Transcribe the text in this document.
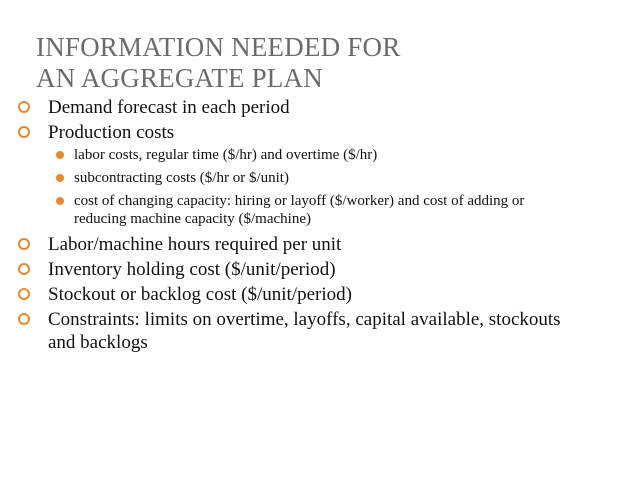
INFORMATION NEEDED FOR
AN AGGREGATE PLAN
Demand forecast in each period
Production costs
labor costs, regular time ($/hr) and overtime ($/hr)
subcontracting costs ($/hr or $/unit)
cost of changing capacity: hiring or layoff ($/worker) and cost of adding or reducing machine capacity ($/machine)
Labor/machine hours required per unit
Inventory holding cost ($/unit/period)
Stockout or backlog cost ($/unit/period)
Constraints: limits on overtime, layoffs, capital available, stockouts and backlogs
